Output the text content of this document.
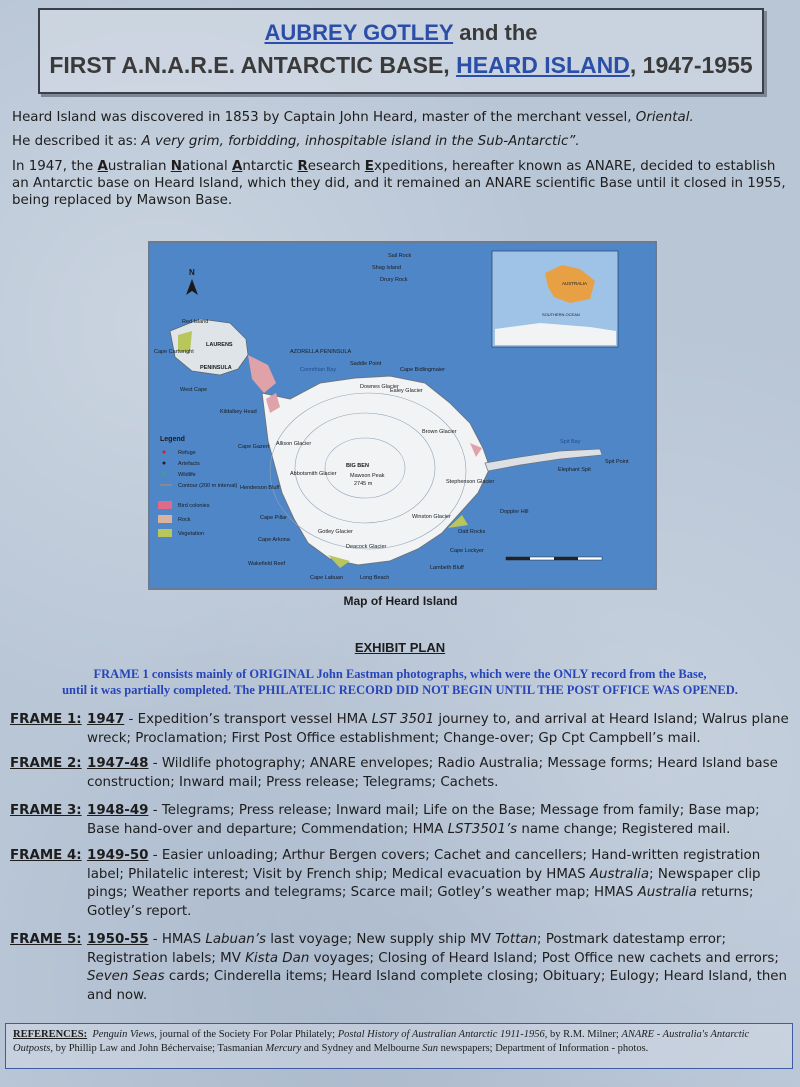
AUBREY GOTLEY and the
FIRST A.N.A.R.E. ANTARCTIC BASE, HEARD ISLAND, 1947-1955
Heard Island was discovered in 1853 by Captain John Heard, master of the merchant vessel, Oriental.
He described it as: A very grim, forbidding, inhospitable island in the Sub-Antarctic”.
In 1947, the Australian National Antarctic Research Expeditions, hereafter known as ANARE, decided to establish an Antarctic base on Heard Island, which they did, and it remained an ANARE scientific Base until it closed in 1955, being replaced by Mawson Base.
Sail Rock
Shag Island
Drury Rock
Red Island
LAURENS
PENINSULA
Cape Cartwright
West Cape
AZORELLA PENINSULA
Corinthian Bay
Saddle Point
Cape Bidlingmaier
Downes Glacier
Ealey Glacier
Kildalkey Head
Allison Glacier
Cape Gazert
Abbotsmith Glacier
BIG BEN
Mawson Peak
2745 m
Brown Glacier
Stephenson Glacier
Spit Bay
Elephant Spit
Spit Point
Henderson Bluff
Cape Pillar
Cape Arkona
Gotley Glacier
Winston Glacier
Oatt Rocks
Doppler Hill
Cape Lockyer
Lambeth Bluff
Deacock Glacier
Wakefield Reef
Cape Labuan	Long Beach
N
AUSTRALIA
SOUTHERN OCEAN
Legend
Refuge
Artefacts
Wildlife
Contour (200 m interval)
Bird colonies
Rock
Vegetation
Map of Heard Island
EXHIBIT PLAN
FRAME 1 consists mainly of ORIGINAL John Eastman photographs, which were the ONLY record from the Base,
until it was partially completed. The PHILATELIC RECORD DID NOT BEGIN UNTIL THE POST OFFICE WAS OPENED.
FRAME 1: 1947 - Expedition’s transport vessel HMA LST 3501 journey to, and arrival at Heard Island; Walrus plane wreck; Proclamation; First Post Office establishment; Change-over; Gp Cpt Campbell’s mail.
FRAME 2: 1947-48 - Wildlife photography; ANARE envelopes; Radio Australia; Message forms; Heard Island base construction; Inward mail; Press release; Telegrams; Cachets.
FRAME 3: 1948-49 - Telegrams; Press release; Inward mail; Life on the Base; Message from family; Base map; Base hand-over and departure; Commendation; HMA LST3501’s name change; Registered mail.
FRAME 4: 1949-50 - Easier unloading; Arthur Bergen covers; Cachet and cancellers; Hand-written registration label; Philatelic interest; Visit by French ship; Medical evacuation by HMAS Australia; Newspaper clip pings; Weather reports and telegrams; Scarce mail; Gotley’s weather map; HMAS Australia returns; Gotley’s report.
FRAME 5: 1950-55 - HMAS Labuan’s last voyage; New supply ship MV Tottan; Postmark datestamp error; Registration labels; MV Kista Dan voyages; Closing of Heard Island; Post Office new cachets and errors; Seven Seas cards; Cinderella items; Heard Island complete closing; Obituary; Eulogy; Heard Island, then and now.
REFERENCES: Penguin Views, journal of the Society For Polar Philately; Postal History of Australian Antarctic 1911-1956, by R.M. Milner; ANARE - Australia's Antarctic Outposts, by Phillip Law and John Béchervaise; Tasmanian Mercury and Sydney and Melbourne Sun newspapers; Department of Information - photos.
